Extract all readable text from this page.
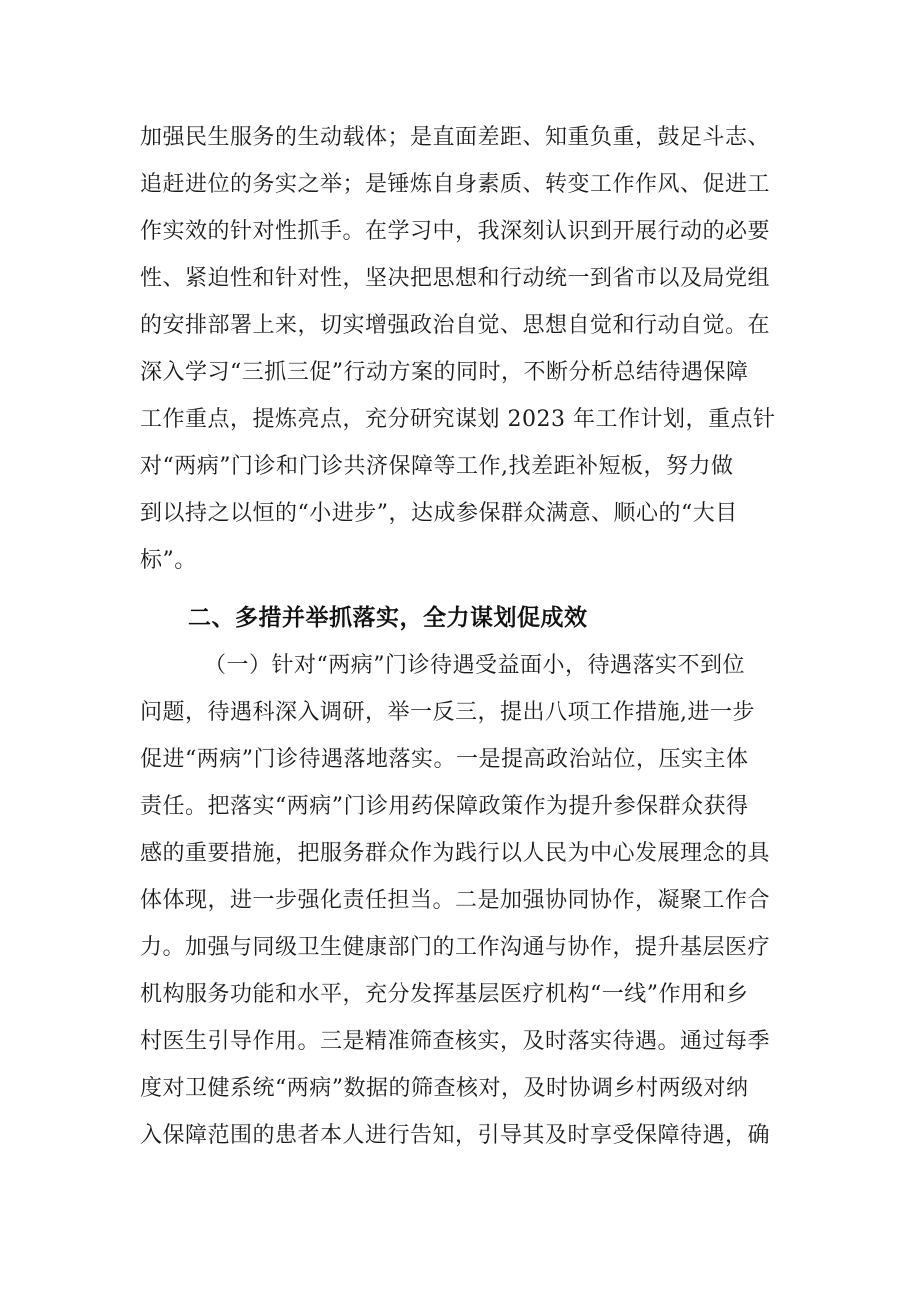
加强民生服务的生动载体；是直面差距、知重负重，鼓足斗志、
追赶进位的务实之举；是锤炼自身素质、转变工作作风、促进工
作实效的针对性抓手。在学习中，我深刻认识到开展行动的必要
性、紧迫性和针对性，坚决把思想和行动统一到省市以及局党组
的安排部署上来，切实增强政治自觉、思想自觉和行动自觉。在
深入学习“三抓三促”行动方案的同时，不断分析总结待遇保障
工作重点，提炼亮点，充分研究谋划 2023 年工作计划，重点针
对“两病”门诊和门诊共济保障等工作,找差距补短板，努力做
到以持之以恒的“小进步”，达成参保群众满意、顺心的“大目
标”。
二、多措并举抓落实，全力谋划促成效
（一）针对“两病”门诊待遇受益面小，待遇落实不到位
问题，待遇科深入调研，举一反三，提出八项工作措施,进一步
促进“两病”门诊待遇落地落实。一是提高政治站位，压实主体
责任。把落实“两病”门诊用药保障政策作为提升参保群众获得
感的重要措施，把服务群众作为践行以人民为中心发展理念的具
体体现，进一步强化责任担当。二是加强协同协作，凝聚工作合
力。加强与同级卫生健康部门的工作沟通与协作，提升基层医疗
机构服务功能和水平，充分发挥基层医疗机构“一线”作用和乡
村医生引导作用。三是精准筛查核实，及时落实待遇。通过每季
度对卫健系统“两病”数据的筛查核对，及时协调乡村两级对纳
入保障范围的患者本人进行告知，引导其及时享受保障待遇，确
